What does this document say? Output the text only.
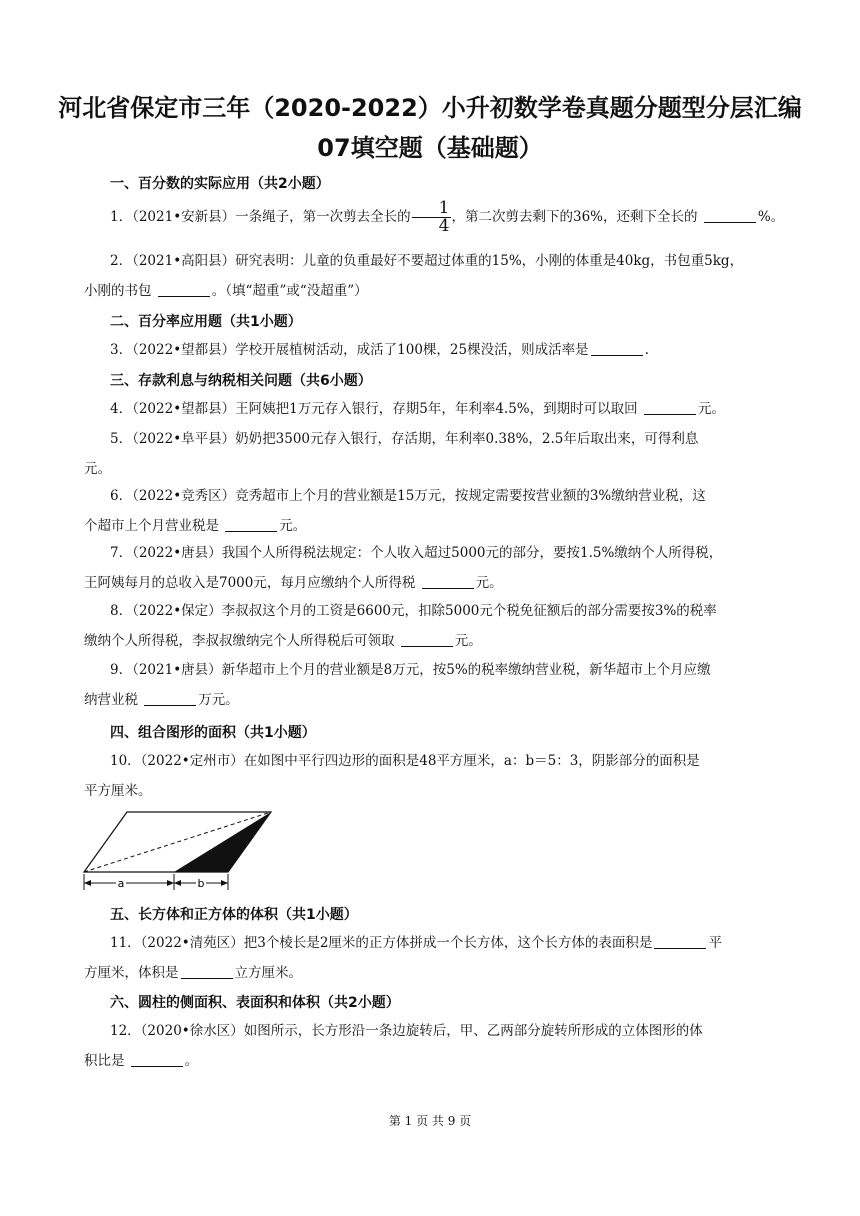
河北省保定市三年（2020-2022）小升初数学卷真题分题型分层汇编
07填空题（基础题）
一、百分数的实际应用（共2小题）
1．（2021•安新县）一条绳子，第一次剪去全长的 $\frac{1}{4}$ ，第二次剪去剩下的36%，还剩下全长的	%。
2．（2021•高阳县）研究表明：儿童的负重最好不要超过体重的15%，小刚的体重是40kg，书包重5kg，
小刚的书包	。（填“超重”或“没超重”）
二、百分率应用题（共1小题）
3．（2022•望都县）学校开展植树活动，成活了100棵，25棵没活，则成活率是	.
三、存款利息与纳税相关问题（共6小题）
4．（2022•望都县）王阿姨把1万元存入银行，存期5年，年利率4.5%，到期时可以取回	元。
5．（2022•阜平县）奶奶把3500元存入银行，存活期，年利率0.38%，2.5年后取出来，可得利息
元。
6．（2022•竞秀区）竞秀超市上个月的营业额是15万元，按规定需要按营业额的3%缴纳营业税，这
个超市上个月营业税是	元。
7．（2022•唐县）我国个人所得税法规定：个人收入超过5000元的部分，要按1.5%缴纳个人所得税，
王阿姨每月的总收入是7000元，每月应缴纳个人所得税	元。
8．（2022•保定）李叔叔这个月的工资是6600元，扣除5000元个税免征额后的部分需要按3%的税率
缴纳个人所得税，李叔叔缴纳完个人所得税后可领取	元。
9．（2021•唐县）新华超市上个月的营业额是8万元，按5%的税率缴纳营业税，新华超市上个月应缴
纳营业税	万元。
四、组合图形的面积（共1小题）
10．（2022•定州市）在如图中平行四边形的面积是48平方厘米，a：b＝5：3，阴影部分的面积是
平方厘米。
a	b
五、长方体和正方体的体积（共1小题）
11．（2022•清苑区）把3个棱长是2厘米的正方体拼成一个长方体，这个长方体的表面积是	平
方厘米，体积是	立方厘米。
六、圆柱的侧面积、表面积和体积（共2小题）
12．（2020•徐水区）如图所示，长方形沿一条边旋转后，甲、乙两部分旋转所形成的立体图形的体
积比是	。
第 1 页 共 9 页
